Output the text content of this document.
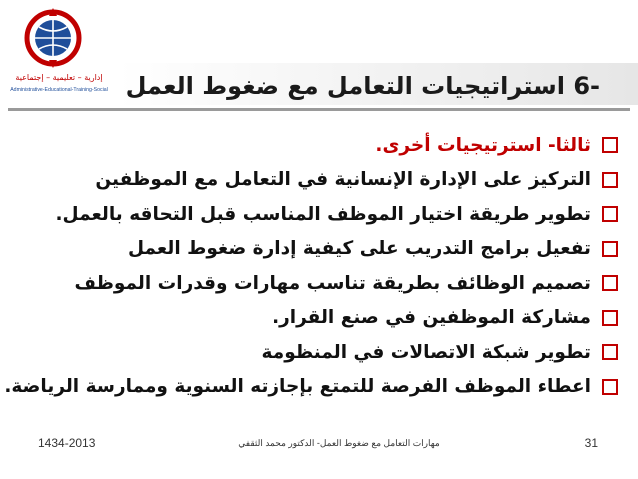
إدارية – تعليمية – إجتماعية
Administrative-Educational-Training-Social	6- استراتيجيات التعامل مع ضغوط العمل
ثالثا- استرتيجيات أخرى.
التركيز على الإدارة الإنسانية في التعامل مع الموظفين
تطوير طريقة اختيار الموظف المناسب قبل التحاقه بالعمل.
تفعيل برامج التدريب على كيفية إدارة ضغوط العمل
تصميم الوظائف بطريقة تناسب مهارات وقدرات الموظف
مشاركة الموظفين في صنع القرار.
تطوير شبكة الاتصالات في المنظومة
اعطاء الموظف الفرصة للتمتع بإجازته السنوية وممارسة الرياضة.
1434-2013	مهارات التعامل مع ضغوط العمل- الدكتور محمد الثقفي	31
